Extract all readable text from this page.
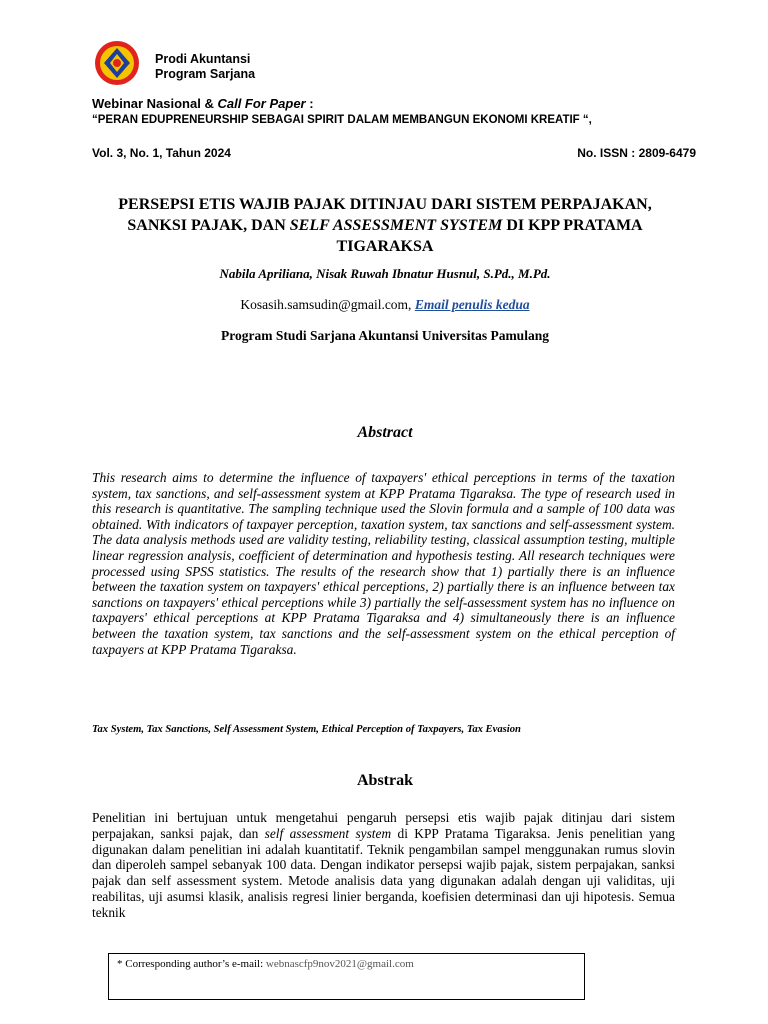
Prodi Akuntansi
Program Sarjana
Webinar Nasional & Call For Paper :
“PERAN EDUPRENEURSHIP SEBAGAI SPIRIT DALAM MEMBANGUN EKONOMI KREATIF “,
Vol. 3, No. 1, Tahun 2024	No. ISSN : 2809-6479
PERSEPSI ETIS WAJIB PAJAK DITINJAU DARI SISTEM PERPAJAKAN, SANKSI PAJAK, DAN SELF ASSESSMENT SYSTEM DI KPP PRATAMA TIGARAKSA
Nabila Apriliana, Nisak Ruwah Ibnatur Husnul, S.Pd., M.Pd.
Kosasih.samsudin@gmail.com, Email penulis kedua
Program Studi Sarjana Akuntansi Universitas Pamulang
Abstract
This research aims to determine the influence of taxpayers' ethical perceptions in terms of the taxation system, tax sanctions, and self-assessment system at KPP Pratama Tigaraksa. The type of research used in this research is quantitative. The sampling technique used the Slovin formula and a sample of 100 data was obtained. With indicators of taxpayer perception, taxation system, tax sanctions and self-assessment system. The data analysis methods used are validity testing, reliability testing, classical assumption testing, multiple linear regression analysis, coefficient of determination and hypothesis testing. All research techniques were processed using SPSS statistics. The results of the research show that 1) partially there is an influence between the taxation system on taxpayers' ethical perceptions, 2) partially there is an influence between tax sanctions on taxpayers' ethical perceptions while 3) partially the self-assessment system has no influence on taxpayers' ethical perceptions at KPP Pratama Tigaraksa and 4) simultaneously there is an influence between the taxation system, tax sanctions and the self-assessment system on the ethical perception of taxpayers at KPP Pratama Tigaraksa.
Tax System, Tax Sanctions, Self Assessment System, Ethical Perception of Taxpayers, Tax Evasion
Abstrak
Penelitian ini bertujuan untuk mengetahui pengaruh persepsi etis wajib pajak ditinjau dari sistem perpajakan, sanksi pajak, dan self assessment system di KPP Pratama Tigaraksa. Jenis penelitian yang digunakan dalam penelitian ini adalah kuantitatif. Teknik pengambilan sampel menggunakan rumus slovin dan diperoleh sampel sebanyak 100 data. Dengan indikator persepsi wajib pajak, sistem perpajakan, sanksi pajak dan self assessment system. Metode analisis data yang digunakan adalah dengan uji validitas, uji reabilitas, uji asumsi klasik, analisis regresi linier berganda, koefisien determinasi dan uji hipotesis. Semua teknik
* Corresponding author’s e-mail: webnascfp9nov2021@gmail.com
